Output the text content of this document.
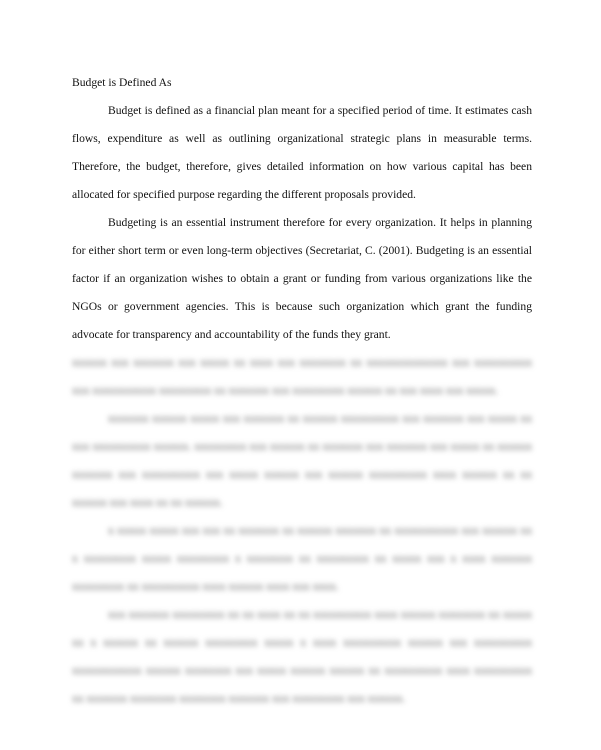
Budget is Defined As

Budget is defined as a financial plan meant for a specified period of time. It estimates cash flows, expenditure as well as outlining organizational strategic plans in measurable terms. Therefore, the budget, therefore, gives detailed information on how various capital has been allocated for specified purpose regarding the different proposals provided.

Budgeting is an essential instrument therefore for every organization. It helps in planning for either short term or even long-term objectives (Secretariat, C. (2001). Budgeting is an essential factor if an organization wishes to obtain a grant or funding from various organizations like the NGOs or government agencies. This is because such organization which grant the funding advocate for transparency and accountability of the funds they grant.

xxxxxx xxx xxxxxxx xxx xxxxx xx xxxx xxx xxxxxxxx xx xxxxxxxxxxxxxx xxx xxxxxxxxxx xxx xxxxxxxxxxx xxxxxxxxx xx xxxxxxx xxx xxxxxxxxx xxxxxx xx xxx xxxx xxx xxxxx.

xxxxxxx xxxxxx xxxxx xxx xxxxxxx xx xxxxxx xxxxxxxxxx xxx xxxxxxx xxx xxxxx xx xxx xxxxxxxxxx xxxxxx. xxxxxxxxx xxx xxxxxx xx xxxxxxx xxx xxxxxxx xxx xxxxx xx xxxxxx xxxxxxx xxx xxxxxxxxxx xxx xxxxx xxxxxx xxx xxxxxx xxxxxxxxxx xxxx xxxxxx xx xx xxxxxx xxx xxxx xx xx xxxxxx.

x xxxxx xxxxx xxx xxx xx xxxxxxx xx xxxxxx xxxxxxx xx xxxxxxxxxxx xxx xxxxxx xx x xxxxxxxxx xxxxx xxxxxxxxx x xxxxxxxx xx xxxxxxxxx xx xxxxx xxx x xxxx xxxxxxx xxxxxxxxx xx xxxxxxxxxx xxxx xxxxxx xxxx xxx xxxx.

xxx xxxxxxx xxxxxxxxx xx xx xxxx xx xx xxxxxxxxxx xxxx xxxxxx xxxxxxxx xx xxxxx xx x xxxxxx xx xxxxxx xxxxxxxxx xxxxx x xxxx xxxxxxxxxx xxxxxx xxx xxxxxxxxxx xxxxxxxxxxxx xxxxxx xxxxxxxx xxx xxxxx xxxxxx xxxxxx xx xxxxxxxxxx xxxx xxxxxxxxxx xx xxxxxxx xxxxxxxx xxxxxxxx xxxxxxx xxx xxxxxxxxx xxx xxxxxx.
